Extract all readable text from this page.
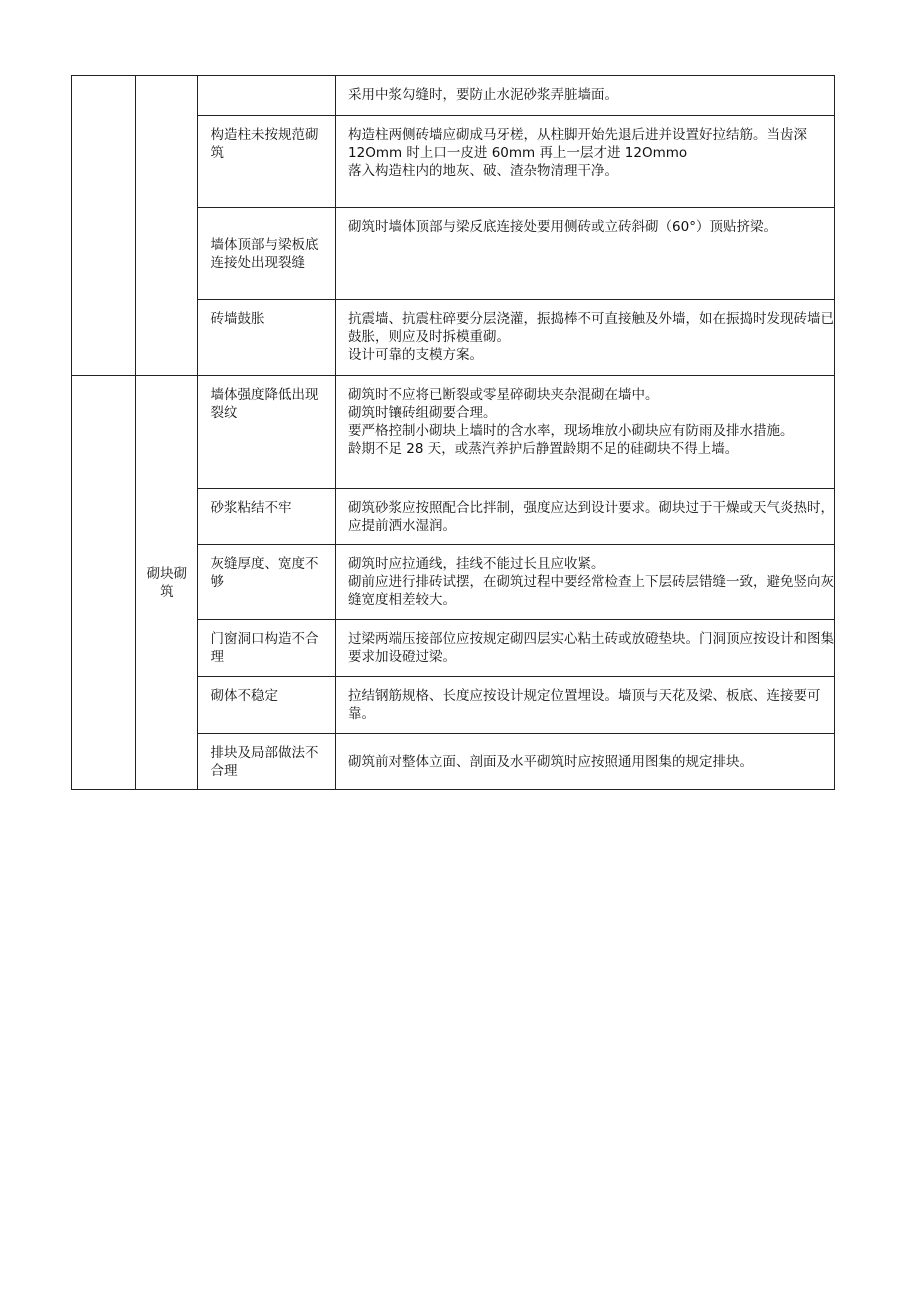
			采用中浆勾缝时，要防止水泥砂浆弄脏墙面。

		构造柱未按规范砌筑	构造柱两侧砖墙应砌成马牙槎，从柱脚开始先退后进并设置好拉结筋。当齿深 12Omm 时上口一皮进 60mm 再上一层才进 12Ommo
落入构造柱内的地灰、破、渣杂物清理干净。

		墙体顶部与梁板底连接处出现裂缝	砌筑时墙体顶部与梁反底连接处要用侧砖或立砖斜砌（60°）顶贴挤梁。

		砖墙鼓胀	抗震墙、抗震柱碎要分层浇灌，振捣棒不可直接触及外墙，如在振捣时发现砖墙已鼓胀，则应及时拆模重砌。
设计可靠的支模方案。

	砌块砌筑	墙体强度降低出现裂纹	砌筑时不应将已断裂或零星碎砌块夹杂混砌在墙中。
砌筑时镶砖组砌要合理。
要严格控制小砌块上墙时的含水率，现场堆放小砌块应有防雨及排水措施。
龄期不足 28 天，或蒸汽养护后静置龄期不足的硅砌块不得上墙。

		砂浆粘结不牢	砌筑砂浆应按照配合比拌制，强度应达到设计要求。砌块过于干燥或天气炎热时，应提前洒水湿润。

		灰缝厚度、宽度不够	砌筑时应拉通线，挂线不能过长且应收紧。
砌前应进行排砖试摆，在砌筑过程中要经常检查上下层砖层错缝一致，避免竖向灰缝宽度相差较大。

		门窗洞口构造不合理	过梁两端压接部位应按规定砌四层实心粘土砖或放磴垫块。门洞顶应按设计和图集要求加设磴过梁。

		砌体不稳定	拉结钢筋规格、长度应按设计规定位置埋设。墙顶与天花及梁、板底、连接要可靠。

		排块及局部做法不合理	砌筑前对整体立面、剖面及水平砌筑时应按照通用图集的规定排块。
